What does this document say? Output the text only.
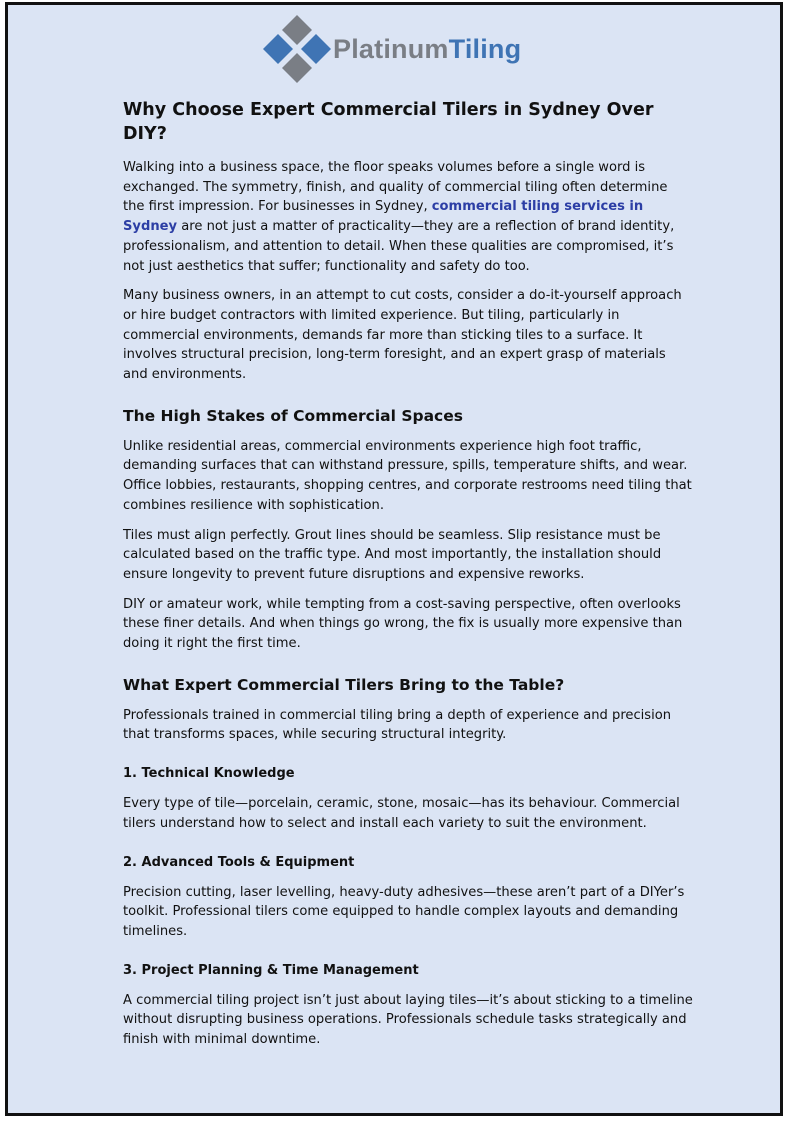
PlatinumTiling
Why Choose Expert Commercial Tilers in Sydney Over DIY?

Walking into a business space, the floor speaks volumes before a single word is exchanged. The symmetry, finish, and quality of commercial tiling often determine the first impression. For businesses in Sydney, commercial tiling services in Sydney are not just a matter of practicality—they are a reflection of brand identity, professionalism, and attention to detail. When these qualities are compromised, it’s not just aesthetics that suffer; functionality and safety do too.

Many business owners, in an attempt to cut costs, consider a do-it-yourself approach or hire budget contractors with limited experience. But tiling, particularly in commercial environments, demands far more than sticking tiles to a surface. It involves structural precision, long-term foresight, and an expert grasp of materials and environments.

The High Stakes of Commercial Spaces

Unlike residential areas, commercial environments experience high foot traffic, demanding surfaces that can withstand pressure, spills, temperature shifts, and wear. Office lobbies, restaurants, shopping centres, and corporate restrooms need tiling that combines resilience with sophistication.

Tiles must align perfectly. Grout lines should be seamless. Slip resistance must be calculated based on the traffic type. And most importantly, the installation should ensure longevity to prevent future disruptions and expensive reworks.

DIY or amateur work, while tempting from a cost-saving perspective, often overlooks these finer details. And when things go wrong, the fix is usually more expensive than doing it right the first time.

What Expert Commercial Tilers Bring to the Table?

Professionals trained in commercial tiling bring a depth of experience and precision that transforms spaces, while securing structural integrity.

1. Technical Knowledge

Every type of tile—porcelain, ceramic, stone, mosaic—has its behaviour. Commercial tilers understand how to select and install each variety to suit the environment.

2. Advanced Tools & Equipment

Precision cutting, laser levelling, heavy-duty adhesives—these aren’t part of a DIYer’s toolkit. Professional tilers come equipped to handle complex layouts and demanding timelines.

3. Project Planning & Time Management

A commercial tiling project isn’t just about laying tiles—it’s about sticking to a timeline without disrupting business operations. Professionals schedule tasks strategically and finish with minimal downtime.
